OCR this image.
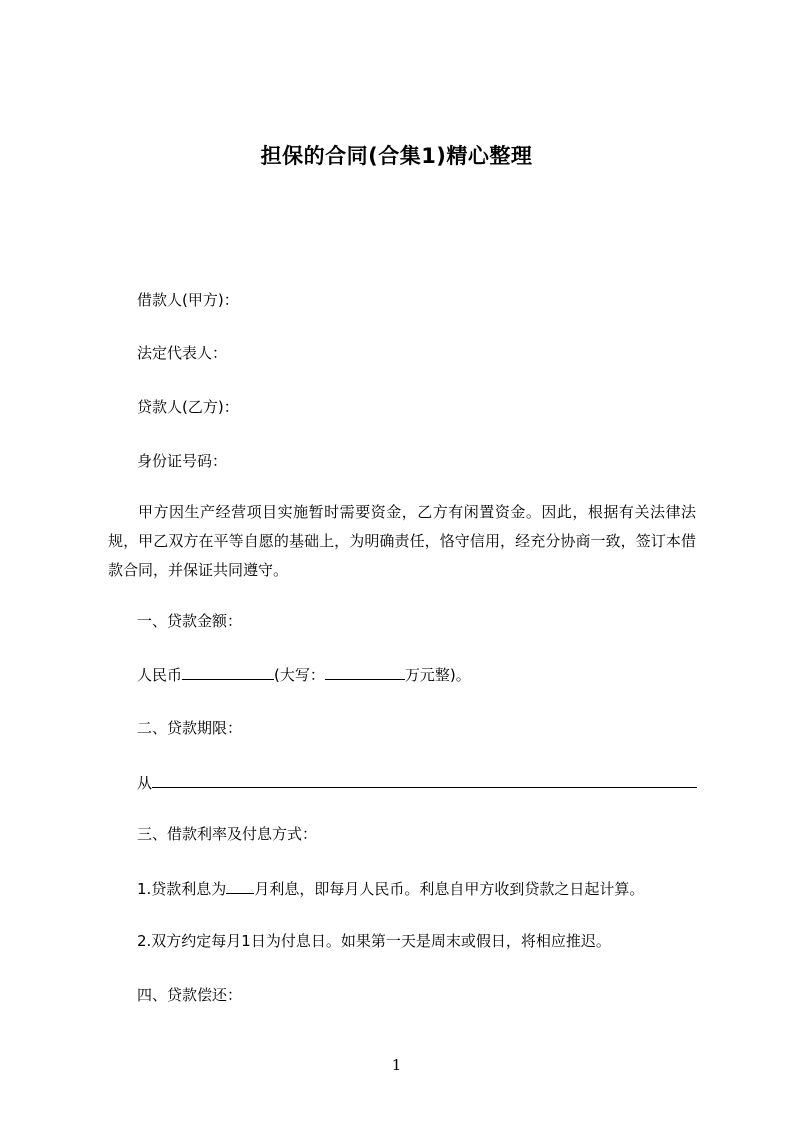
担保的合同(合集1)精心整理
借款人(甲方)：
法定代表人：
贷款人(乙方)：
身份证号码：
甲方因生产经营项目实施暂时需要资金，乙方有闲置资金。因此，根据有关法律法规，甲乙双方在平等自愿的基础上，为明确责任，恪守信用，经充分协商一致，签订本借款合同，并保证共同遵守。
一、贷款金额：
人民币	(大写：	万元整)。
二、贷款期限：
从
三、借款利率及付息方式：
1.贷款利息为 月利息，即每月人民币。利息自甲方收到贷款之日起计算。
2.双方约定每月1日为付息日。如果第一天是周末或假日，将相应推迟。
四、贷款偿还：
1
